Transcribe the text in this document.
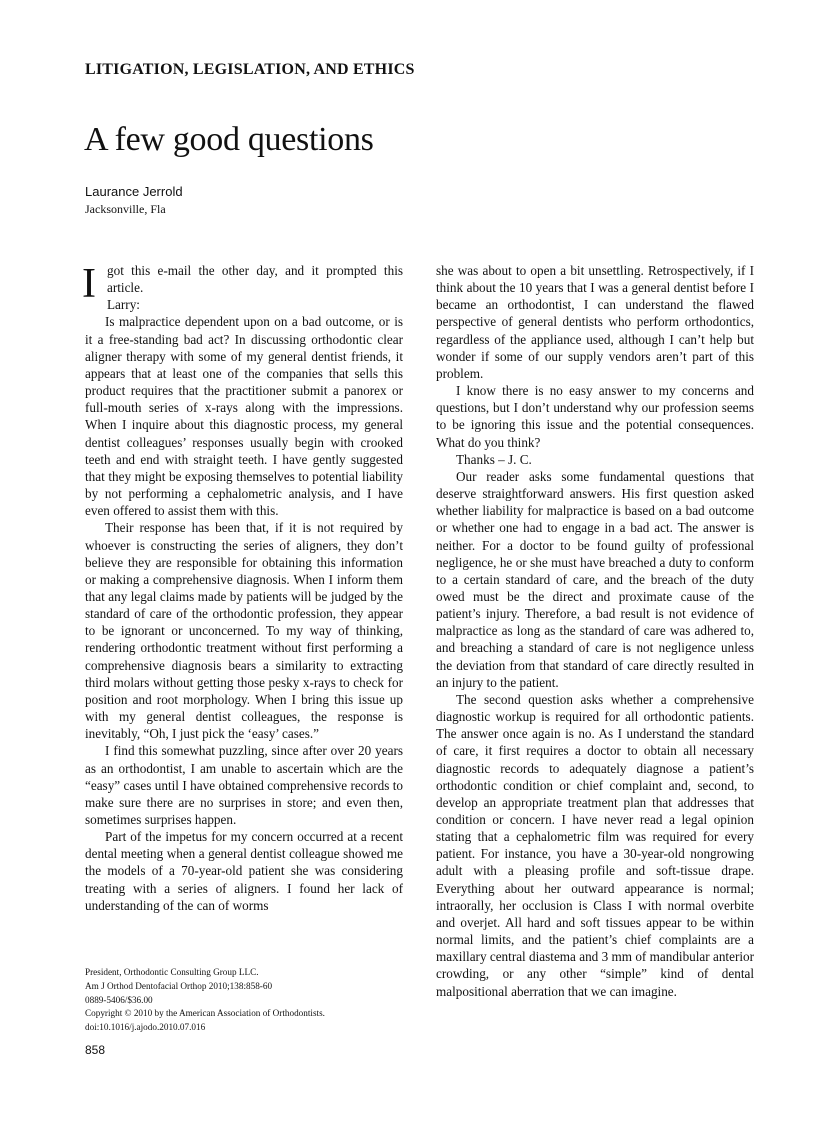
LITIGATION, LEGISLATION, AND ETHICS
A few good questions

Laurance Jerrold

Jacksonville, Fla

I got this e-mail the other day, and it prompted this article.

Larry:

Is malpractice dependent upon on a bad outcome, or is it a free-standing bad act? In discussing orthodontic clear aligner therapy with some of my general dentist friends, it appears that at least one of the companies that sells this product requires that the practitioner submit a panorex or full-mouth series of x-rays along with the impressions. When I inquire about this diagnostic process, my general dentist colleagues’ responses usually begin with crooked teeth and end with straight teeth. I have gently suggested that they might be exposing themselves to potential liability by not performing a cephalometric analysis, and I have even offered to assist them with this.

Their response has been that, if it is not required by whoever is constructing the series of aligners, they don’t believe they are responsible for obtaining this information or making a comprehensive diagnosis. When I inform them that any legal claims made by patients will be judged by the standard of care of the orthodontic profession, they appear to be ignorant or unconcerned. To my way of thinking, rendering orthodontic treatment without first performing a comprehensive diagnosis bears a similarity to extracting third molars without getting those pesky x-rays to check for position and root morphology. When I bring this issue up with my general dentist colleagues, the response is inevitably, “Oh, I just pick the ‘easy’ cases.”

I find this somewhat puzzling, since after over 20 years as an orthodontist, I am unable to ascertain which are the “easy” cases until I have obtained comprehensive records to make sure there are no surprises in store; and even then, sometimes surprises happen.

Part of the impetus for my concern occurred at a recent dental meeting when a general dentist colleague showed me the models of a 70-year-old patient she was considering treating with a series of aligners. I found her lack of understanding of the can of worms

she was about to open a bit unsettling. Retrospectively, if I think about the 10 years that I was a general dentist before I became an orthodontist, I can understand the flawed perspective of general dentists who perform orthodontics, regardless of the appliance used, although I can’t help but wonder if some of our supply vendors aren’t part of this problem.

I know there is no easy answer to my concerns and questions, but I don’t understand why our profession seems to be ignoring this issue and the potential consequences. What do you think?

Thanks – J. C.

Our reader asks some fundamental questions that deserve straightforward answers. His first question asked whether liability for malpractice is based on a bad outcome or whether one had to engage in a bad act. The answer is neither. For a doctor to be found guilty of professional negligence, he or she must have breached a duty to conform to a certain standard of care, and the breach of the duty owed must be the direct and proximate cause of the patient’s injury. Therefore, a bad result is not evidence of malpractice as long as the standard of care was adhered to, and breaching a standard of care is not negligence unless the deviation from that standard of care directly resulted in an injury to the patient.

The second question asks whether a comprehensive diagnostic workup is required for all orthodontic patients. The answer once again is no. As I understand the standard of care, it first requires a doctor to obtain all necessary diagnostic records to adequately diagnose a patient’s orthodontic condition or chief complaint and, second, to develop an appropriate treatment plan that addresses that condition or concern. I have never read a legal opinion stating that a cephalometric film was required for every patient. For instance, you have a 30-year-old nongrowing adult with a pleasing profile and soft-tissue drape. Everything about her outward appearance is normal; intraorally, her occlusion is Class I with normal overbite and overjet. All hard and soft tissues appear to be within normal limits, and the patient’s chief complaints are a maxillary central diastema and 3 mm of mandibular anterior crowding, or any other “simple” kind of dental malpositional aberration that we can imagine.

President, Orthodontic Consulting Group LLC.
Am J Orthod Dentofacial Orthop 2010;138:858-60
0889-5406/$36.00
Copyright © 2010 by the American Association of Orthodontists.
doi:10.1016/j.ajodo.2010.07.016

858
